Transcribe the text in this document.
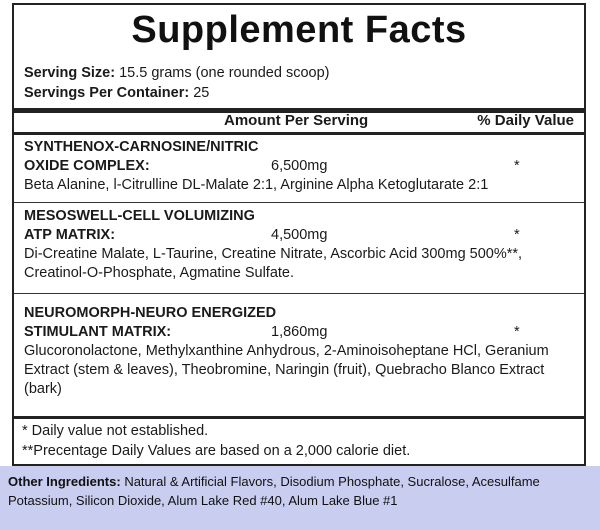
Supplement Facts
Serving Size: 15.5 grams (one rounded scoop)
Servings Per Container: 25
Amount Per Serving	% Daily Value
SYNTHENOX-CARNOSINE/NITRIC
OXIDE COMPLEX:	6,500mg	*
Beta Alanine, l-Citrulline DL-Malate 2:1, Arginine Alpha Ketoglutarate 2:1
MESOSWELL-CELL VOLUMIZING
ATP MATRIX:	4,500mg	*
Di-Creatine Malate, L-Taurine, Creatine Nitrate, Ascorbic Acid 300mg 500%**, Creatinol-O-Phosphate, Agmatine Sulfate.
NEUROMORPH-NEURO ENERGIZED
STIMULANT MATRIX:	1,860mg	*
Glucoronolactone, Methylxanthine Anhydrous, 2-Aminoisoheptane HCl, Geranium Extract (stem & leaves), Theobromine, Naringin (fruit), Quebracho Blanco Extract (bark)
* Daily value not established.
**Precentage Daily Values are based on a 2,000 calorie diet.
Other Ingredients: Natural & Artificial Flavors, Disodium Phosphate, Sucralose, Acesulfame Potassium, Silicon Dioxide, Alum Lake Red #40, Alum Lake Blue #1
